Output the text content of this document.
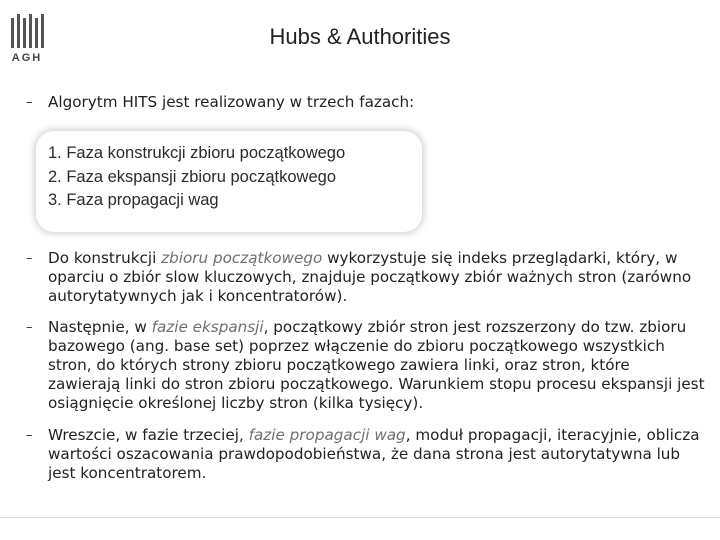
AGH
Hubs & Authorities
–	Algorytm HITS jest realizowany w trzech fazach:
1. Faza konstrukcji zbioru początkowego
2. Faza ekspansji zbioru początkowego
3. Faza propagacji wag
–	Do konstrukcji zbioru początkowego wykorzystuje się indeks przeglądarki, który, w oparciu o zbiór slow kluczowych, znajduje początkowy zbiór ważnych stron (zarówno autorytatywnych jak i koncentratorów).
–	Następnie, w fazie ekspansji, początkowy zbiór stron jest rozszerzony do tzw. zbioru bazowego (ang. base set) poprzez włączenie do zbioru początkowego wszystkich stron, do których strony zbioru początkowego zawiera linki, oraz stron, które zawierają linki do stron zbioru początkowego. Warunkiem stopu procesu ekspansji jest osiągnięcie określonej liczby stron (kilka tysięcy).
–	Wreszcie, w fazie trzeciej, fazie propagacji wag, moduł propagacji, iteracyjnie, oblicza wartości oszacowania prawdopodobieństwa, że dana strona jest autorytatywna lub jest koncentratorem.
